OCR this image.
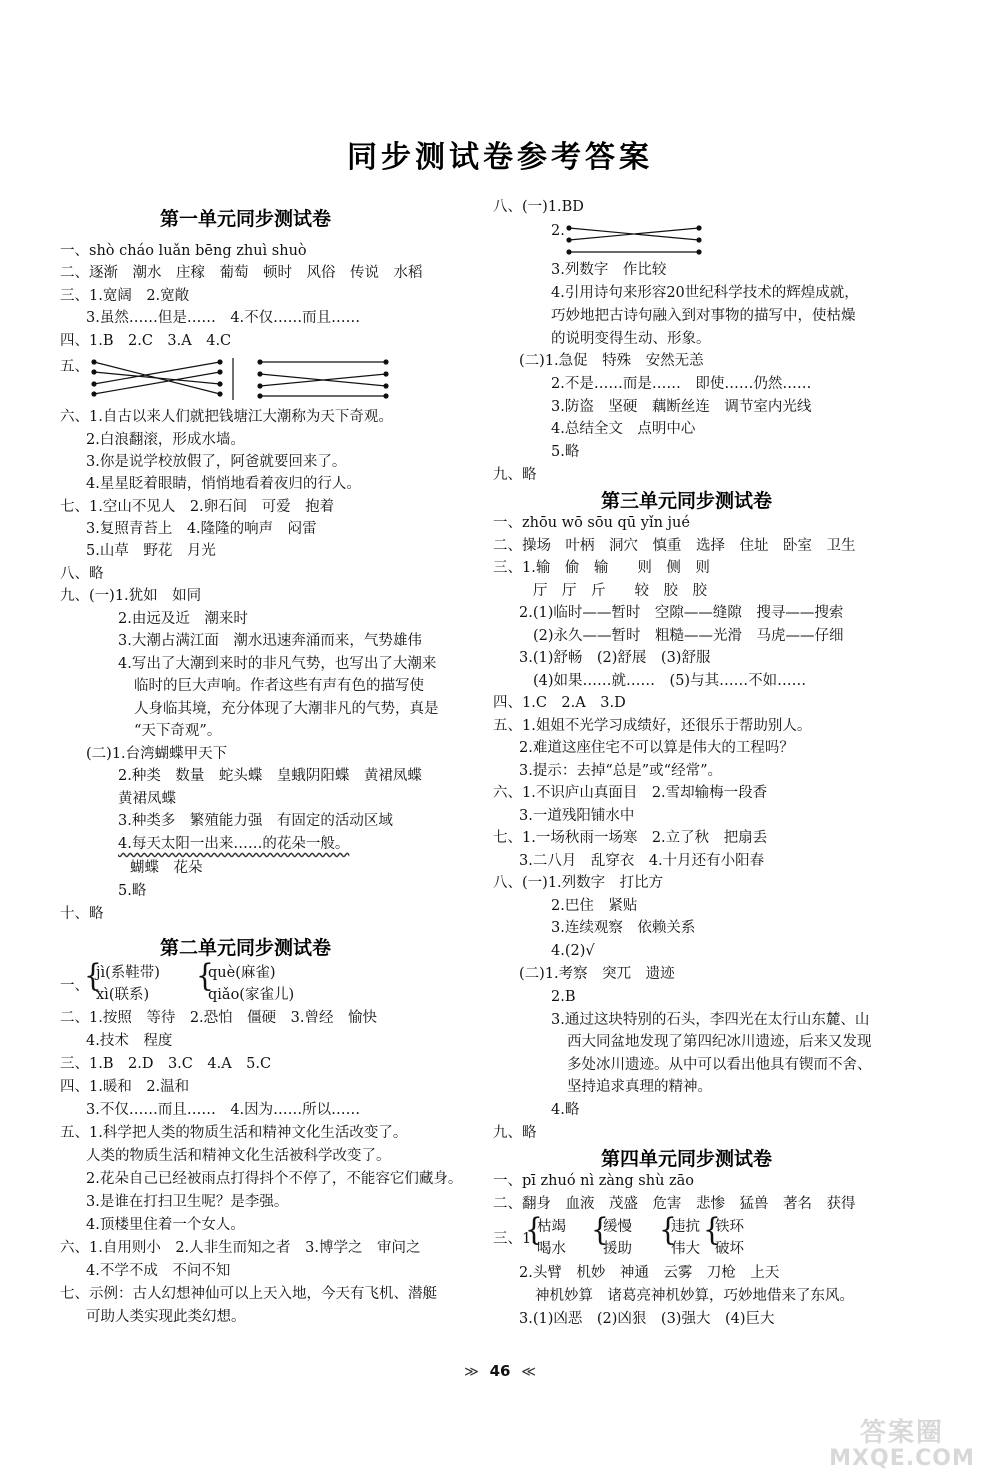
同步测试卷参考答案
第一单元同步测试卷
一、shò cháo luǎn bēng zhuì shuò
二、逐渐　潮水　庄稼　葡萄　顿时　风俗　传说　水稻
三、1.宽阔　2.宽敞
3.虽然……但是……　4.不仅……而且……
四、1.B　2.C　3.A　4.C
五、
六、1.自古以来人们就把钱塘江大潮称为天下奇观。
2.白浪翻滚，形成水墙。
3.你是说学校放假了，阿爸就要回来了。
4.星星眨着眼睛，悄悄地看着夜归的行人。
七、1.空山不见人　2.卵石间　可爱　抱着
3.复照青苔上　4.隆隆的响声　闷雷
5.山草　野花　月光
八、略
九、(一)1.犹如　如同
2.由远及近　潮来时
3.大潮占满江面　潮水迅速奔涌而来，气势雄伟
4.写出了大潮到来时的非凡气势，也写出了大潮来
临时的巨大声响。作者这些有声有色的描写使
人身临其境，充分体现了大潮非凡的气势，真是
“天下奇观”。
(二)1.台湾蝴蝶甲天下
2.种类　数量　蛇头蝶　皇蛾阴阳蝶　黄裙凤蝶
黄裙凤蝶
3.种类多　繁殖能力强　有固定的活动区域
4.每天太阳一出来……的花朵一般。
蝴蝶　花朵
5.略
十、略
第二单元同步测试卷
一、
{
jì(系鞋带)
xì(联系)
{
què(麻雀)
qiǎo(家雀儿)
二、1.按照　等待　2.恐怕　僵硬　3.曾经　愉快
4.技术　程度
三、1.B　2.D　3.C　4.A　5.C
四、1.暖和　2.温和
3.不仅……而且……　4.因为……所以……
五、1.科学把人类的物质生活和精神文化生活改变了。
人类的物质生活和精神文化生活被科学改变了。
2.花朵自己已经被雨点打得抖个不停了，不能容它们藏身。
3.是谁在打扫卫生呢？是李强。
4.顶楼里住着一个女人。
六、1.自用则小　2.人非生而知之者　3.博学之　审问之
4.不学不成　不问不知
七、示例：古人幻想神仙可以上天入地，今天有飞机、潜艇
可助人类实现此类幻想。
八、(一)1.BD
2.
3.列数字　作比较
4.引用诗句来形容20世纪科学技术的辉煌成就，
巧妙地把古诗句融入到对事物的描写中，使枯燥
的说明变得生动、形象。
(二)1.急促　特殊　安然无恙
2.不是……而是……　即使……仍然……
3.防盗　坚硬　藕断丝连　调节室内光线
4.总结全文　点明中心
5.略
九、略
第三单元同步测试卷
一、zhōu wō sōu qū yǐn jué
二、操场　叶柄　洞穴　慎重　选择　住址　卧室　卫生
三、1.输　偷　输　　则　侧　则
厅　厅　斤　　较　胶　胶
2.(1)临时——暂时　空隙——缝隙　搜寻——搜索
(2)永久——暂时　粗糙——光滑　马虎——仔细
3.(1)舒畅　(2)舒展　(3)舒服
(4)如果……就……　(5)与其……不如……
四、1.C　2.A　3.D
五、1.姐姐不光学习成绩好，还很乐于帮助别人。
2.难道这座住宅不可以算是伟大的工程吗？
3.提示：去掉“总是”或“经常”。
六、1.不识庐山真面目　2.雪却输梅一段香
3.一道残阳铺水中
七、1.一场秋雨一场寒　2.立了秋　把扇丢
3.二八月　乱穿衣　4.十月还有小阳春
八、(一)1.列数字　打比方
2.巴住　紧贴
3.连续观察　依赖关系
4.(2)√
(二)1.考察　突兀　遗迹
2.B
3.通过这块特别的石头，李四光在太行山东麓、山
西大同盆地发现了第四纪冰川遗迹，后来又发现
多处冰川遗迹。从中可以看出他具有锲而不舍、
坚持追求真理的精神。
4.略
九、略
第四单元同步测试卷
一、pī zhuó nì zàng shù zāo
二、翻身　血液　茂盛　危害　悲惨　猛兽　著名　获得
三、1.
{
枯竭
喝水
{
缓慢
援助
{
违抗
伟大
{
铁环
破坏
2.头臂　机妙　神通　云雾　刀枪　上天
神机妙算　诸葛亮神机妙算，巧妙地借来了东风。
3.(1)凶恶　(2)凶狠　(3)强大　(4)巨大
≫ 46 ≪
答案圈
MXQE.COM
